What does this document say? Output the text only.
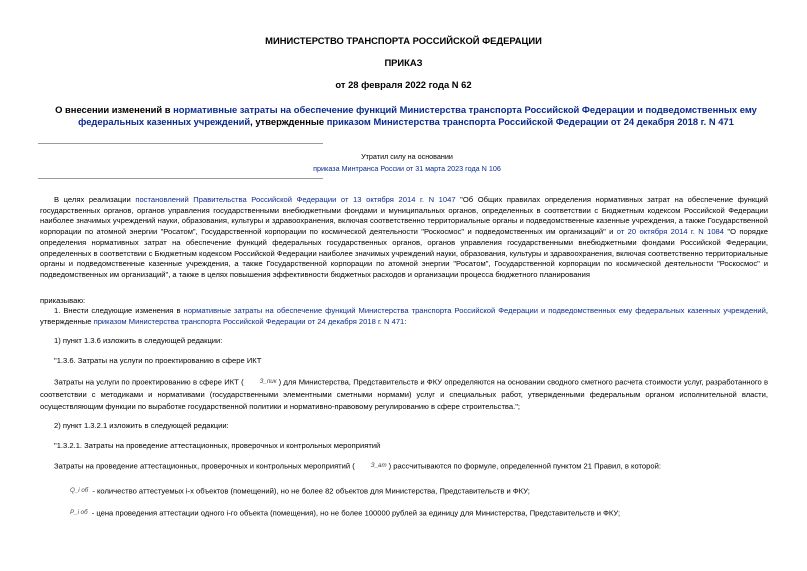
МИНИСТЕРСТВО ТРАНСПОРТА РОССИЙСКОЙ ФЕДЕРАЦИИ
ПРИКАЗ
от 28 февраля 2022 года N 62
О внесении изменений в нормативные затраты на обеспечение функций Министерства транспорта Российской Федерации и подведомственных ему федеральных казенных учреждений, утвержденные приказом Министерства транспорта Российской Федерации от 24 декабря 2018 г. N 471
Утратил силу на основании
приказа Минтранса России от 31 марта 2023 года N 106
В целях реализации постановлений Правительства Российской Федерации от 13 октября 2014 г. N 1047 "Об Общих правилах определения нормативных затрат на обеспечение функций государственных органов, органов управления государственными внебюджетными фондами и муниципальных органов, определенных в соответствии с Бюджетным кодексом Российской Федерации наиболее значимых учреждений науки, образования, культуры и здравоохранения, включая соответственно территориальные органы и подведомственные казенные учреждения, а также Государственной корпорации по атомной энергии "Росатом", Государственной корпорации по космической деятельности "Роскосмос" и подведомственных им организаций" и от 20 октября 2014 г. N 1084 "О порядке определения нормативных затрат на обеспечение функций федеральных государственных органов, органов управления государственными внебюджетными фондами Российской Федерации, определенных в соответствии с Бюджетным кодексом Российской Федерации наиболее значимых учреждений науки, образования, культуры и здравоохранения, включая соответственно территориальные органы и подведомственные казенные учреждения, а также Государственной корпорации по атомной энергии "Росатом", Государственной корпорации по космической деятельности "Роскосмос" и подведомственных им организаций", а также в целях повышения эффективности бюджетных расходов и организации процесса бюджетного планирования
приказываю:
1. Внести следующие изменения в нормативные затраты на обеспечение функций Министерства транспорта Российской Федерации и подведомственных ему федеральных казенных учреждений, утвержденные приказом Министерства транспорта Российской Федерации от 24 декабря 2018 г. N 471:
1) пункт 1.3.6 изложить в следующей редакции:
"1.3.6. Затраты на услуги по проектированию в сфере ИКТ
Затраты на услуги по проектированию в сфере ИКТ (	З_пик ) для Министерства, Представительств и ФКУ определяются на основании сводного сметного расчета стоимости услуг, разработанного в соответствии с методиками и нормативами (государственными элементными сметными нормами) услуг и специальных работ, утвержденными федеральным органом исполнительной власти, осуществляющим функции по выработке государственной политики и нормативно-правовому регулированию в сфере строительства.";
2) пункт 1.3.2.1 изложить в следующей редакции:
"1.3.2.1. Затраты на проведение аттестационных, проверочных и контрольных мероприятий
Затраты на проведение аттестационных, проверочных и контрольных мероприятий (	З_ат ) рассчитываются по формуле, определенной пунктом 21 Правил, в которой:
Q_i об - количество аттестуемых i-х объектов (помещений), но не более 82 объектов для Министерства, Представительств и ФКУ;
P_i об - цена проведения аттестации одного i-го объекта (помещения), но не более 100000 рублей за единицу для Министерства, Представительств и ФКУ;
